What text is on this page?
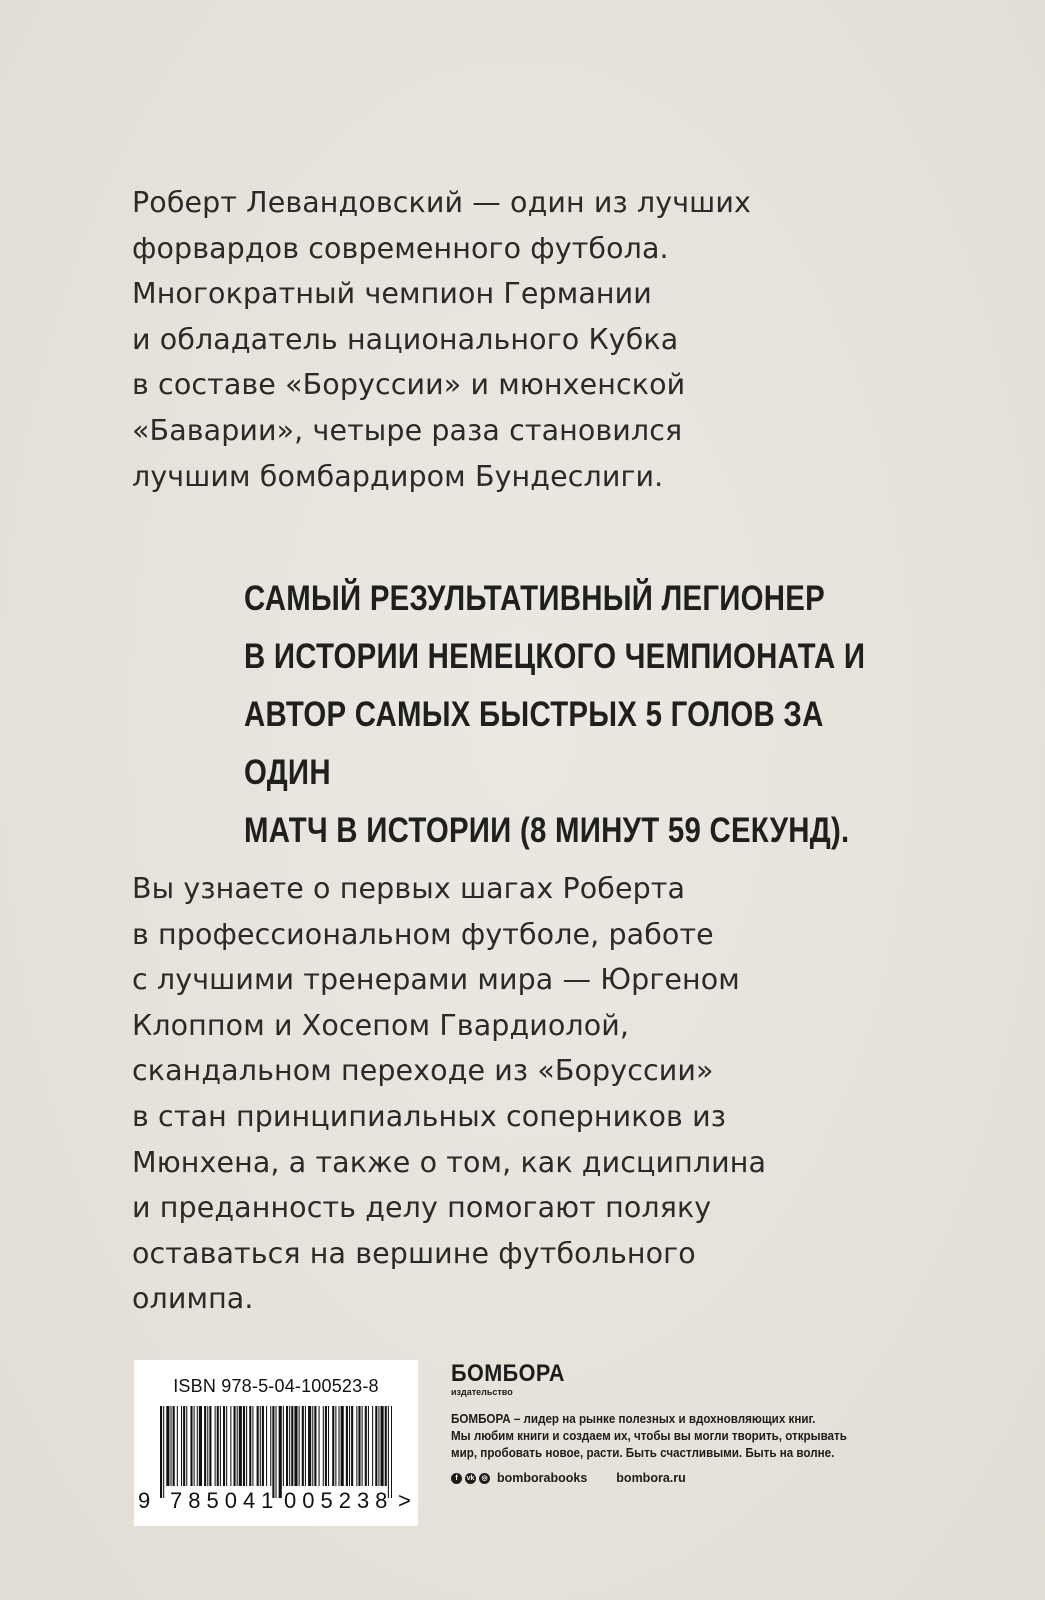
Роберт Левандовский — один из лучших
форвардов современного футбола.
Многократный чемпион Германии
и обладатель национального Кубка
в составе «Боруссии» и мюнхенской
«Баварии», четыре раза становился
лучшим бомбардиром Бундеслиги.

САМЫЙ РЕЗУЛЬТАТИВНЫЙ ЛЕГИОНЕР
В ИСТОРИИ НЕМЕЦКОГО ЧЕМПИОНАТА И
АВТОР САМЫХ БЫСТРЫХ 5 ГОЛОВ ЗА ОДИН
МАТЧ В ИСТОРИИ (8 МИНУТ 59 СЕКУНД).

Вы узнаете о первых шагах Роберта
в профессиональном футболе, работе
с лучшими тренерами мира — Юргеном
Клоппом и Хосепом Гвардиолой,
скандальном переходе из «Боруссии»
в стан принципиальных соперников из
Мюнхена, а также о том, как дисциплина
и преданность делу помогают поляку
оставаться на вершине футбольного
олимпа.

ISBN 978-5-04-100523-8
9 785041 005238 >
БОМБОРА
издательство
БОМБОРА – лидер на рынке полезных и вдохновляющих книг.
Мы любим книги и создаем их, чтобы вы могли творить, открывать
мир, пробовать новое, расти. Быть счастливыми. Быть на волне.
f	vk	◎ bomborabooks bombora.ru
